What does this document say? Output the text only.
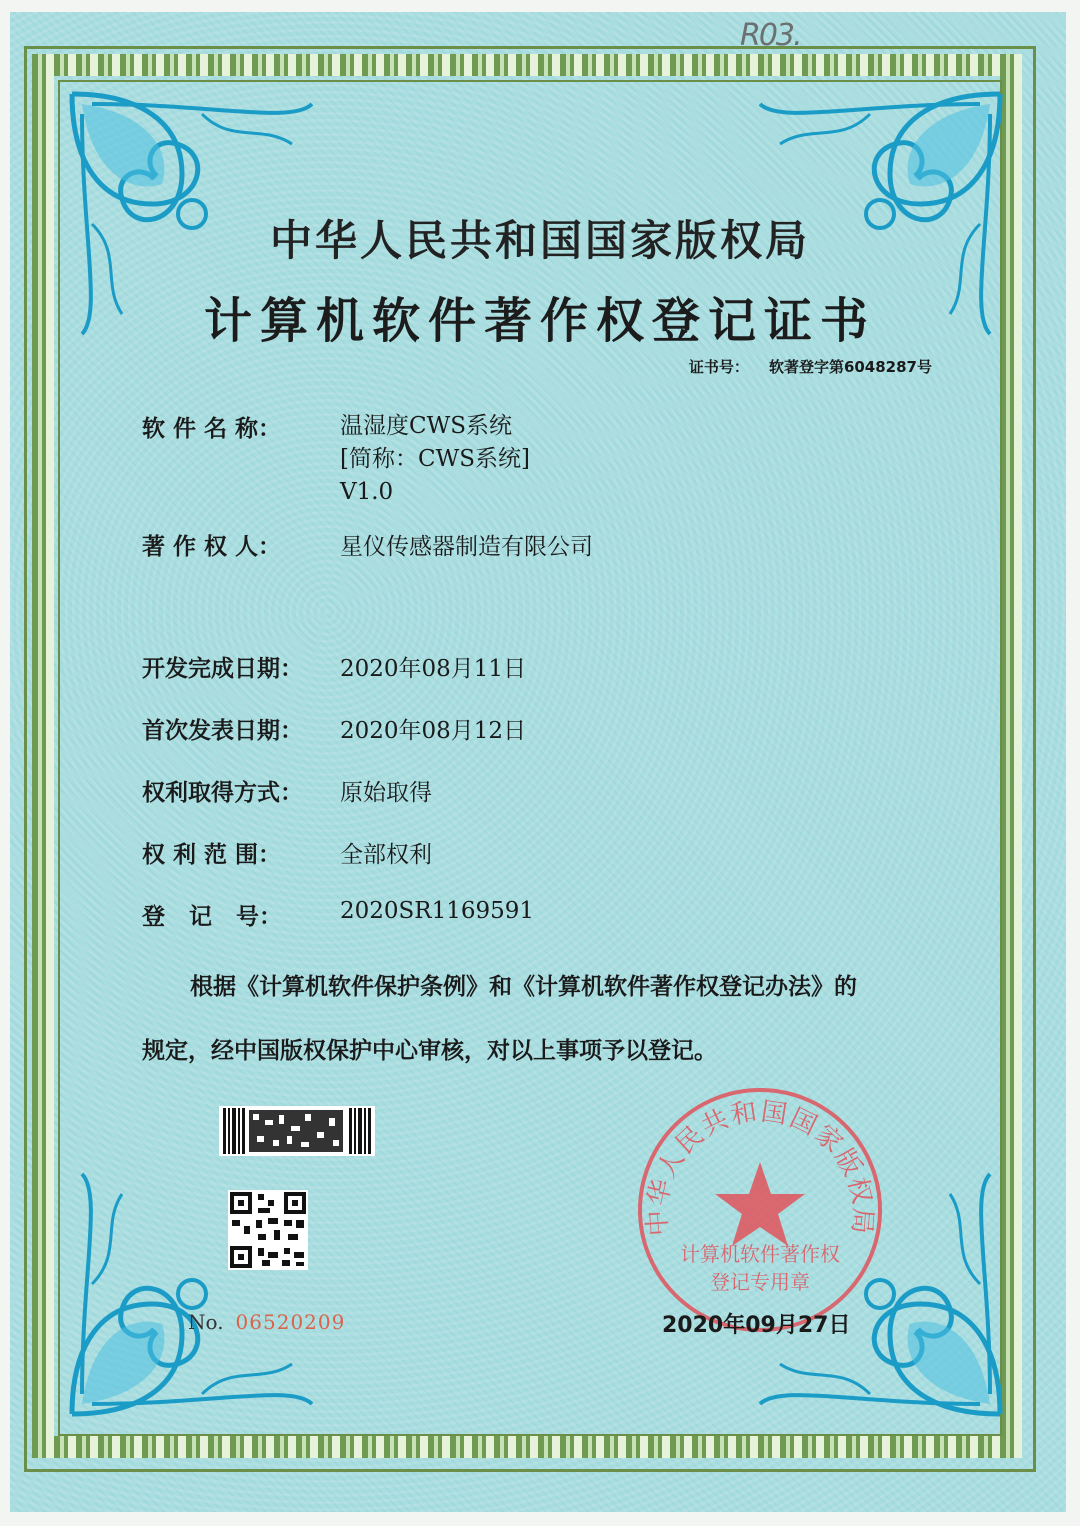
R03.
中华人民共和国国家版权局
计算机软件著作权登记证书
证书号： 软著登字第6048287号
软 件 名 称：	温湿度CWS系统
[简称：CWS系统]
V1.0
著 作 权 人：	星仪传感器制造有限公司
开发完成日期： 2020年08月11日
首次发表日期： 2020年08月12日
权利取得方式： 原始取得
权 利 范 围：	全部权利
登   记   号：	2020SR1169591
根据《计算机软件保护条例》和《计算机软件著作权登记办法》的
规定，经中国版权保护中心审核，对以上事项予以登记。
No. 06520209
中华人民共和国国家版权局
计算机软件著作权
登记专用章
2020年09月27日
